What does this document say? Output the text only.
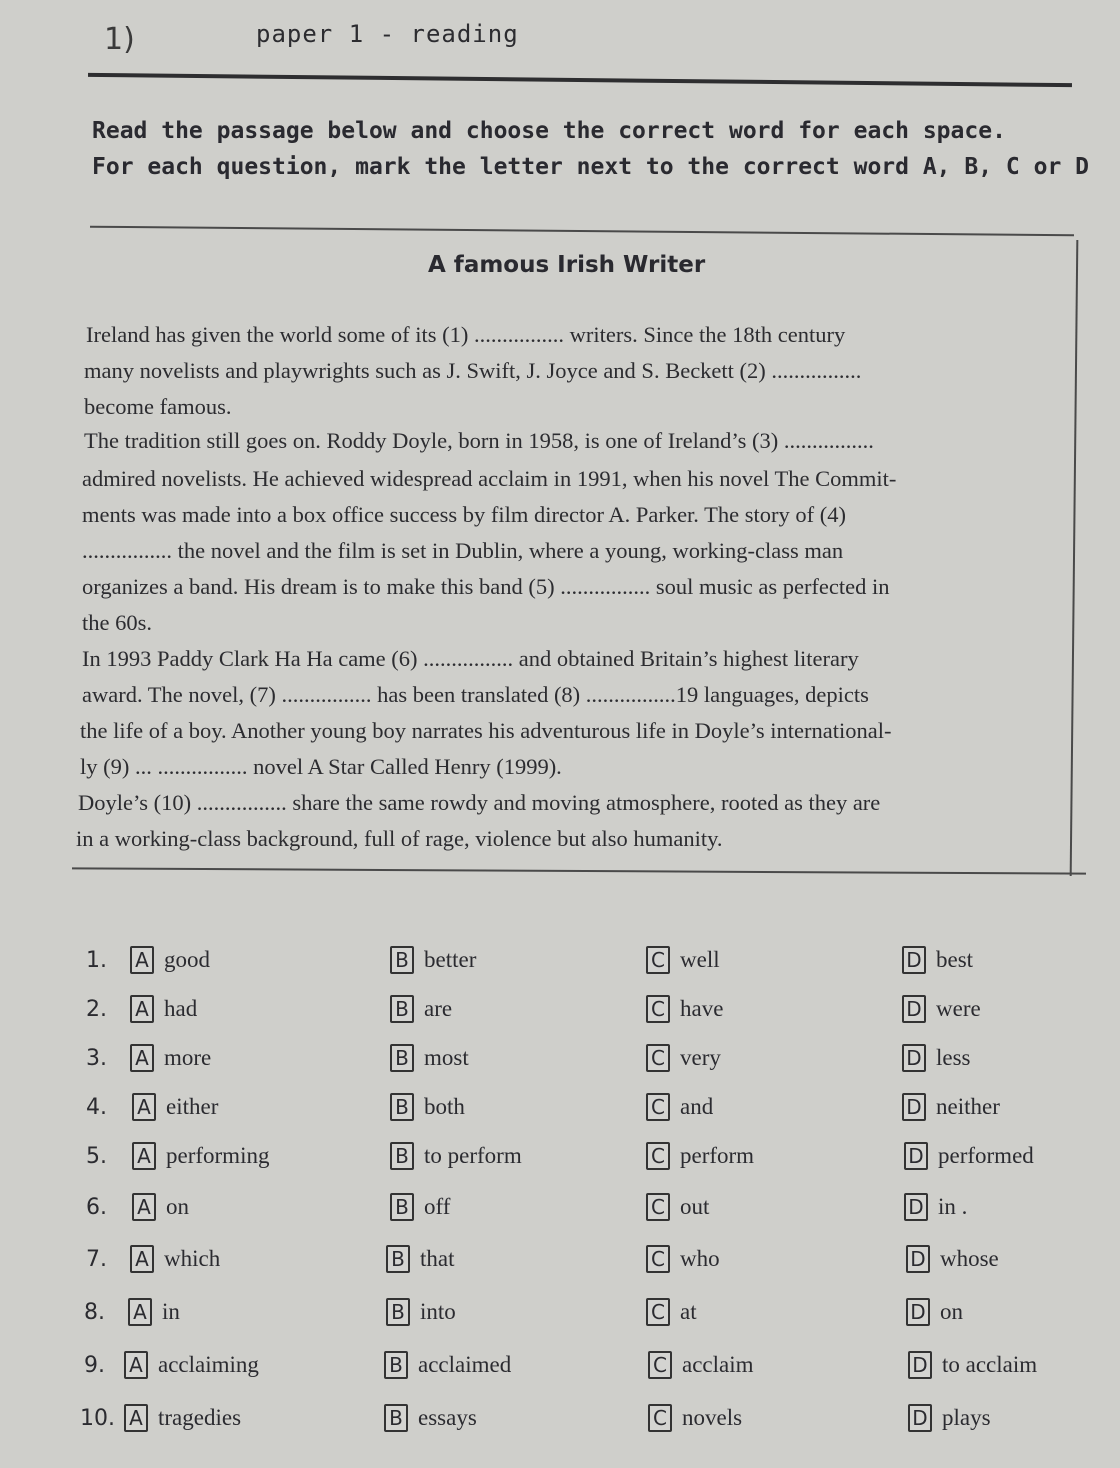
1)	paper 1 - reading
Read the passage below and choose the correct word for each space.
For each question, mark the letter next to the correct word A, B, C or D
A famous Irish Writer
Ireland has given the world some of its (1) ................ writers. Since the 18th century
many novelists and playwrights such as J. Swift, J. Joyce and S. Beckett (2) ................
become famous.
The tradition still goes on. Roddy Doyle, born in 1958, is one of Ireland’s (3) ................
admired novelists. He achieved widespread acclaim in 1991, when his novel The Commit-
ments was made into a box office success by film director A. Parker. The story of (4)
................ the novel and the film is set in Dublin, where a young, working-class man
organizes a band. His dream is to make this band (5) ................ soul music as perfected in
the 60s.
In 1993 Paddy Clark Ha Ha came (6) ................ and obtained Britain’s highest literary
award. The novel, (7) ................ has been translated (8) ................19 languages, depicts
the life of a boy. Another young boy narrates his adventurous life in Doyle’s international-
ly (9) ... ................ novel A Star Called Henry (1999).
Doyle’s (10) ................ share the same rowdy and moving atmosphere, rooted as they are
in a working-class background, full of rage, violence but also humanity.
1. A good	B better	C well	D best
2. A had	B are	C have	D were
3. A more	B most	C very	D less
4. A either	B both	C and	D neither
5. A performing	B to perform	C perform	D performed
6. A on	B off	C out	D in .
7. A which	B that	C who	D whose
8. A in	B into	C at	D on
9. A acclaiming	B acclaimed	C acclaim	D to acclaim
10. A tragedies	B essays	C novels	D plays
